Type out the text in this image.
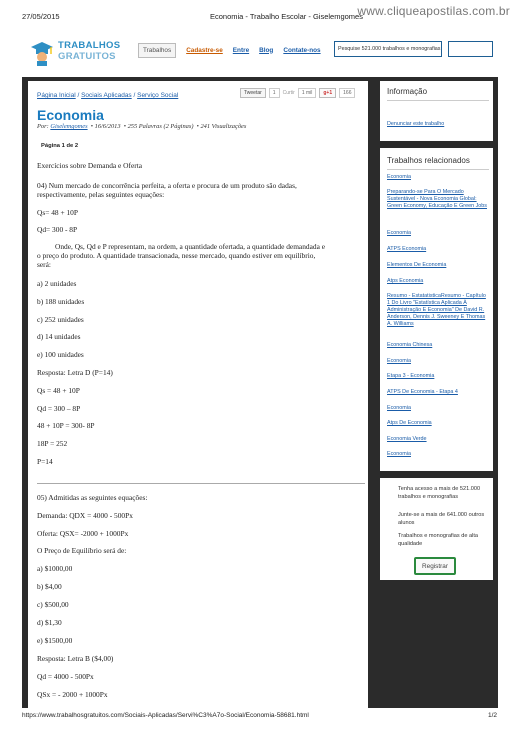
27/05/2015	Economia - Trabalho Escolar - Giselemgomes
www.cliqueapostilas.com.br
https://www.trabalhosgratuitos.com/Sociais-Aplicadas/Servi%C3%A7o-Social/Economia-58681.html	1/2
TRABALHOS
GRATUITOS
Trabalhos	Cadastre-se Entre Blog Contate-nos	Pesquise 521.000 trabalhos e monografias
Página Inicial / Sociais Aplicadas / Serviço Social	Tweetar	1	Curtir	1 mil	g+1	166
Economia
Por: Giselemgomes  • 16/6/2013  • 255 Palavras (2 Páginas)  • 241 Visualizações
Página 1 de 2
Exercícios sobre Demanda e Oferta
04) Num mercado de concorrência perfeita, a oferta e procura de um produto são dadas,
respectivamente, pelas seguintes equações:
Qs= 48 + 10P
Qd= 300 - 8P
Onde, Qs, Qd e P representam, na ordem, a quantidade ofertada, a quantidade demandada e
o preço do produto. A quantidade transacionada, nesse mercado, quando estiver em equilíbrio,
será:
a) 2 unidades
b) 188 unidades
c) 252 unidades
d) 14 unidades
e) 100 unidades
Resposta: Letra D (P=14)
Qs = 48 + 10P
Qd = 300 – 8P
48 + 10P = 300- 8P
18P = 252
P=14
05) Admitidas as seguintes equações:
Demanda: QDX = 4000 - 500Px
Oferta: QSX= -2000 + 1000Px
O Preço de Equilíbrio será de:
a) $1000,00
b) $4,00
c) $500,00
d) $1,30
e) $1500,00
Resposta: Letra B ($4,00)
Qd = 4000 - 500Px
QSx = - 2000 + 1000Px
Informação
Denunciar este trabalho
Trabalhos relacionados
Economia
Preparando-se Para O Mercado Sustentável - Nova Economia Global: Green Economy, Educação E Green Jobs
Economia
ATPS Economia
Elementos De Economia
Atps Economia
Resumo - EstatatisticaResumo - Capítulo 1 Do Livro "Estatística Aplicada À Administração E Economia" De David R. Anderson, Dennis J. Sweeney E Thomas A. Williams
Economia Chinesa
Economia
Etapa 3 - Economia
ATPS De Economia - Etapa 4
Economia
Atps De Economia
Economia Verde
Economia
Tenha acesso a mais de 521.000 trabalhos e monografias
Junte-se a mais de 641.000 outros alunos
Trabalhos e monografias de alta qualidade
Registrar
